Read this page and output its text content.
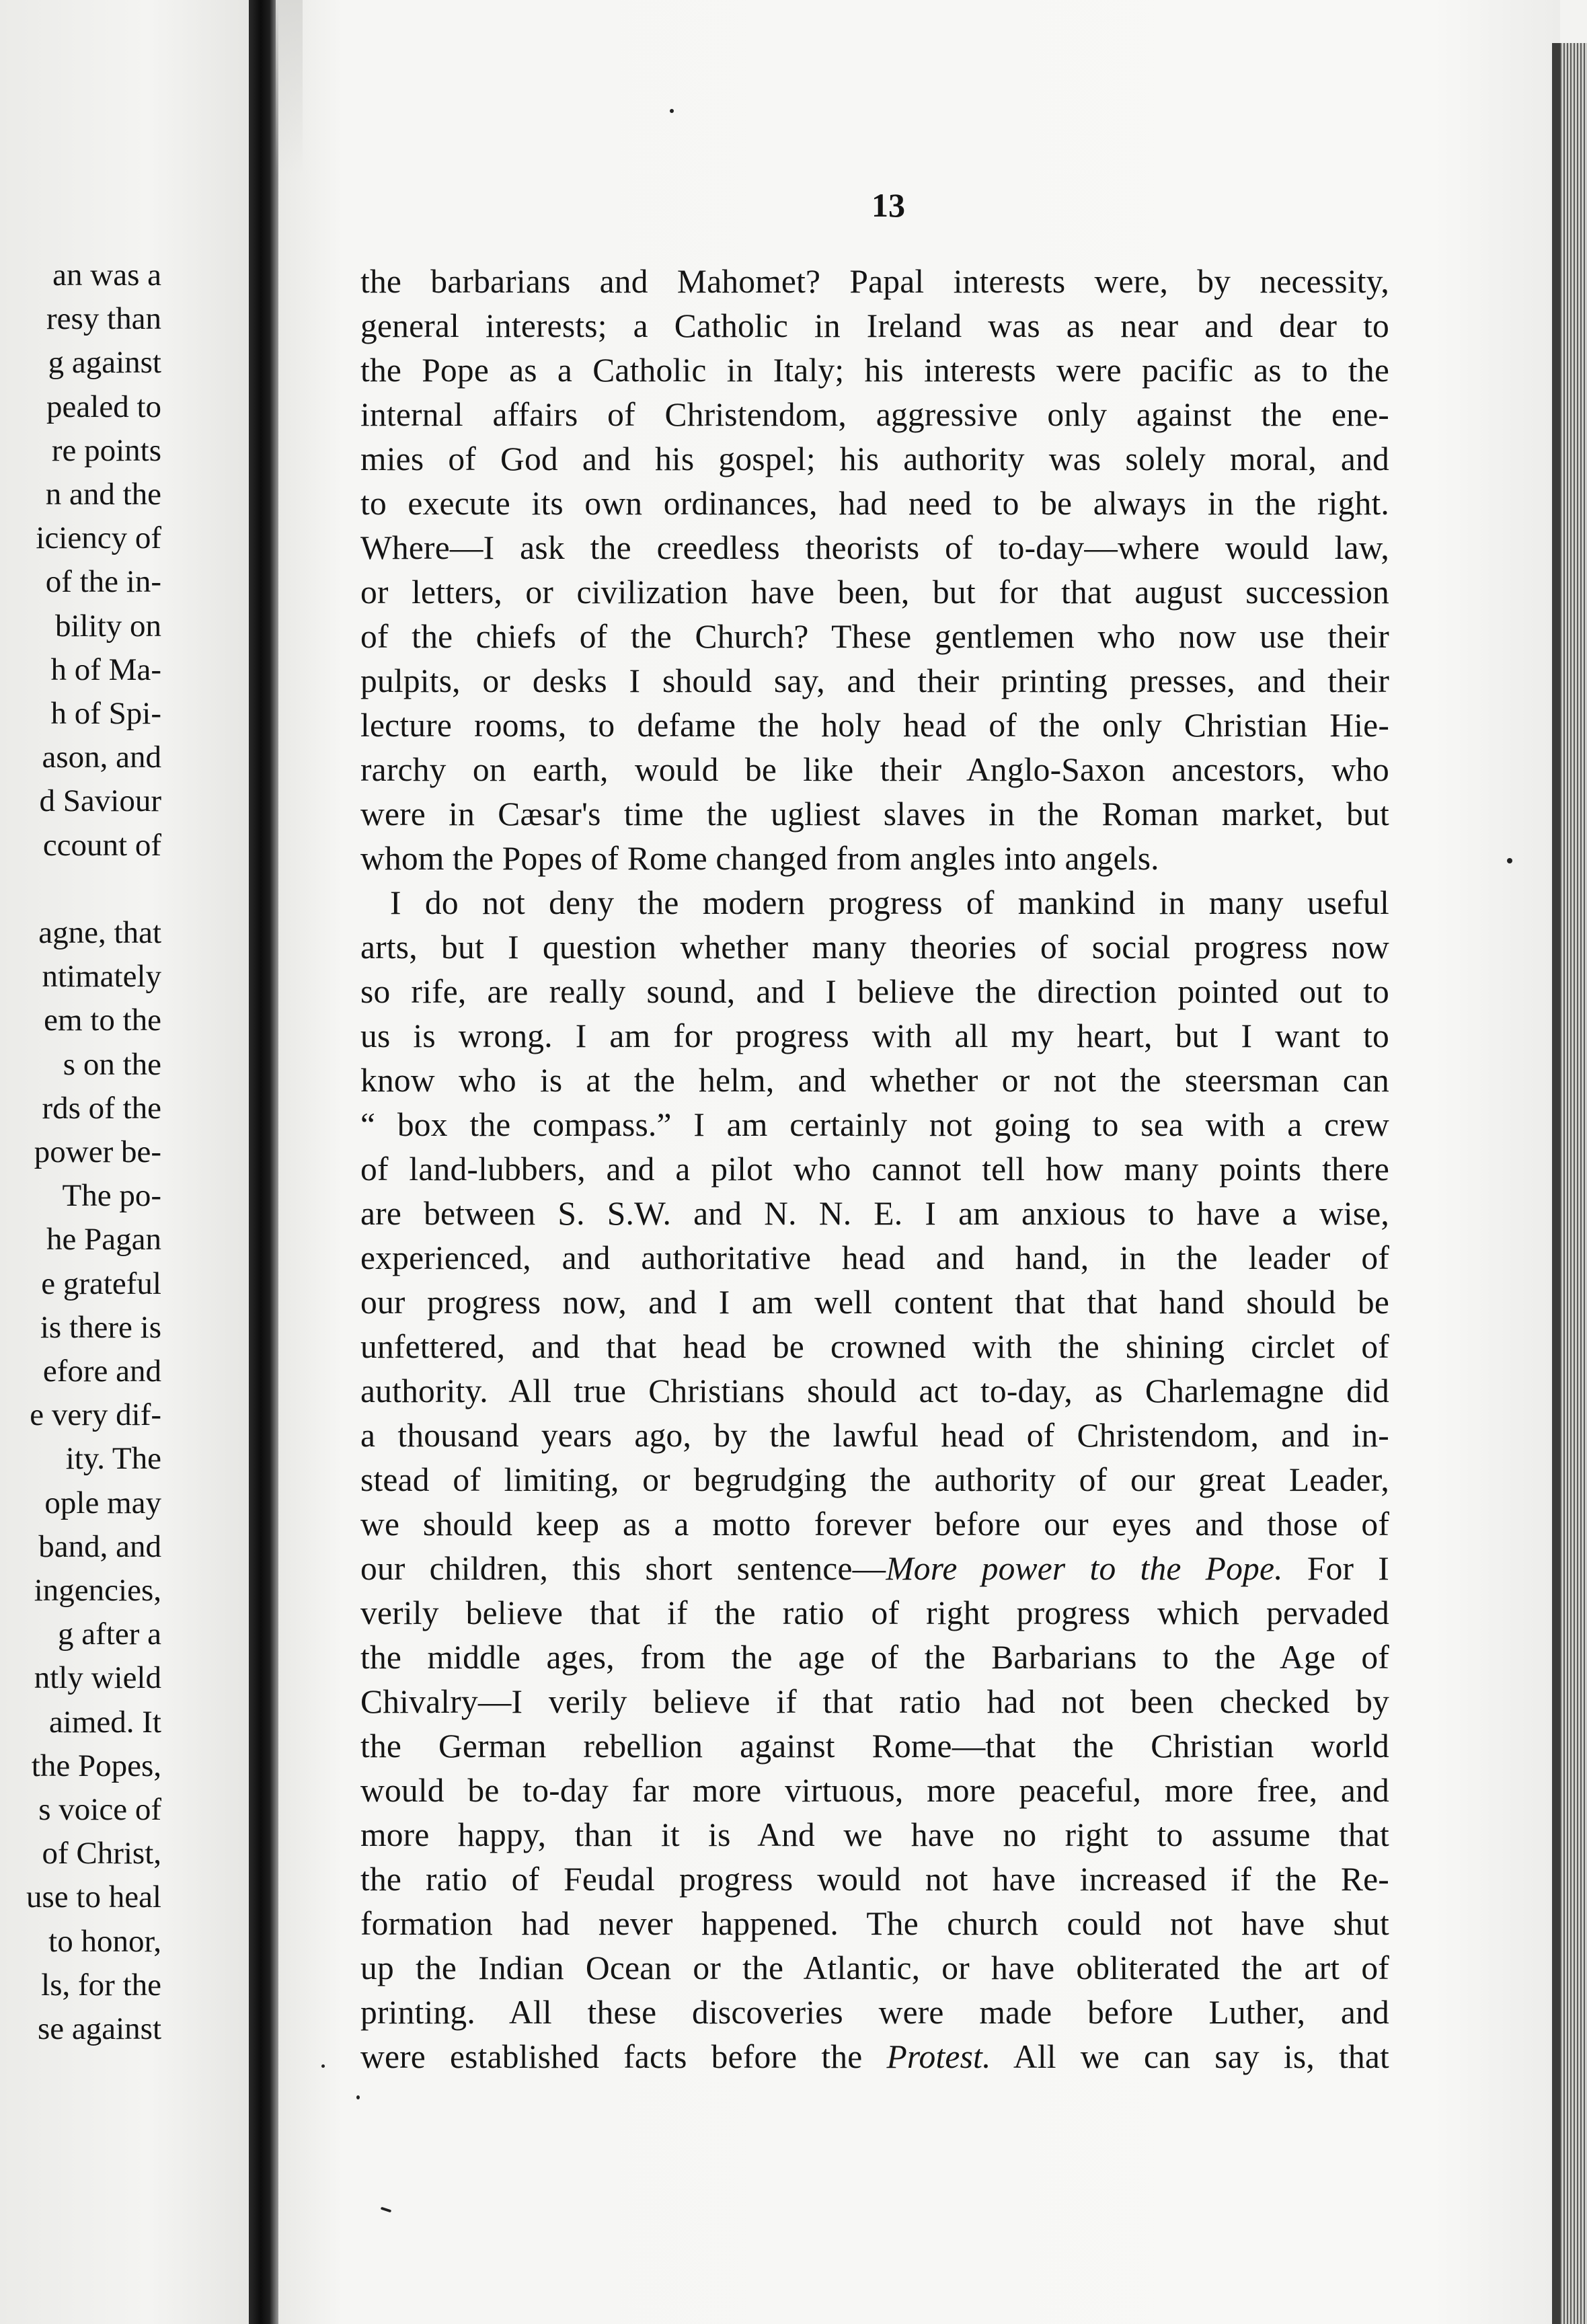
an was a
resy than
g against
pealed to
re points
n and the
iciency of
of the in-
bility on
h of Ma-
h of Spi-
ason, and
d Saviour
ccount of
agne, that
ntimately
em to the
s on the
rds of the
power be-
The po-
he Pagan
e grateful
is there is
efore and
e very dif-
ity. The
ople may
band, and
ingencies,
g after a
ntly wield
aimed. It
the Popes,
s voice of
of Christ,
use to heal
to honor,
ls, for the
se against
13
the barbarians and Mahomet? Papal interests were, by necessity,
general interests; a Catholic in Ireland was as near and dear to
the Pope as a Catholic in Italy; his interests were pacific as to the
internal affairs of Christendom, aggressive only against the ene-
mies of God and his gospel; his authority was solely moral, and
to execute its own ordinances, had need to be always in the right.
Where—I ask the creedless theorists of to-day—where would law,
or letters, or civilization have been, but for that august succession
of the chiefs of the Church? These gentlemen who now use their
pulpits, or desks I should say, and their printing presses, and their
lecture rooms, to defame the holy head of the only Christian Hie-
rarchy on earth, would be like their Anglo-Saxon ancestors, who
were in Cæsar's time the ugliest slaves in the Roman market, but
whom the Popes of Rome changed from angles into angels.
I do not deny the modern progress of mankind in many useful
arts, but I question whether many theories of social progress now
so rife, are really sound, and I believe the direction pointed out to
us is wrong. I am for progress with all my heart, but I want to
know who is at the helm, and whether or not the steersman can
“ box the compass.” I am certainly not going to sea with a crew
of land-lubbers, and a pilot who cannot tell how many points there
are between S. S.W. and N. N. E. I am anxious to have a wise,
experienced, and authoritative head and hand, in the leader of
our progress now, and I am well content that that hand should be
unfettered, and that head be crowned with the shining circlet of
authority. All true Christians should act to-day, as Charlemagne did
a thousand years ago, by the lawful head of Christendom, and in-
stead of limiting, or begrudging the authority of our great Leader,
we should keep as a motto forever before our eyes and those of
our children, this short sentence—More power to the Pope. For I
verily believe that if the ratio of right progress which pervaded
the middle ages, from the age of the Barbarians to the Age of
Chivalry—I verily believe if that ratio had not been checked by
the German rebellion against Rome—that the Christian world
would be to-day far more virtuous, more peaceful, more free, and
more happy, than it is And we have no right to assume that
the ratio of Feudal progress would not have increased if the Re-
formation had never happened. The church could not have shut
up the Indian Ocean or the Atlantic, or have obliterated the art of
printing. All these discoveries were made before Luther, and
were established facts before the Protest. All we can say is, that
